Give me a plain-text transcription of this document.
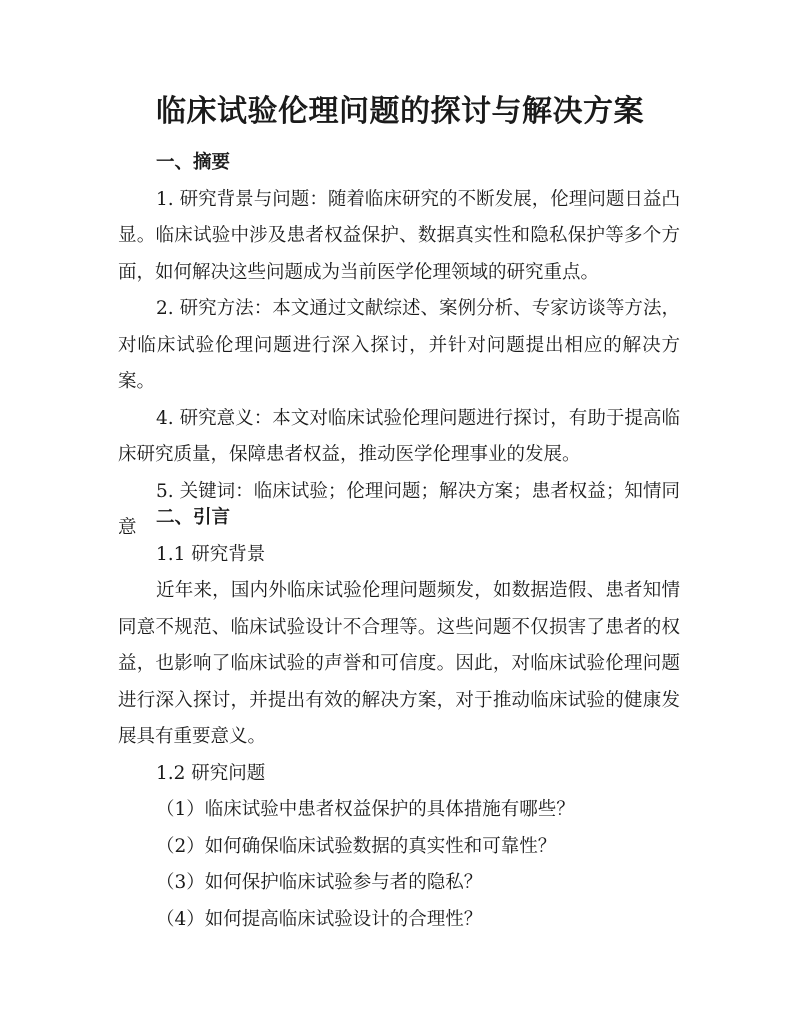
临床试验伦理问题的探讨与解决方案
一、摘要
1. 研究背景与问题：随着临床研究的不断发展，伦理问题日益凸显。临床试验中涉及患者权益保护、数据真实性和隐私保护等多个方面，如何解决这些问题成为当前医学伦理领域的研究重点。
2. 研究方法：本文通过文献综述、案例分析、专家访谈等方法，对临床试验伦理问题进行深入探讨，并针对问题提出相应的解决方案。
4. 研究意义：本文对临床试验伦理问题进行探讨，有助于提高临床研究质量，保障患者权益，推动医学伦理事业的发展。
5. 关键词：临床试验；伦理问题；解决方案；患者权益；知情同意	二、引言
1.1 研究背景
近年来，国内外临床试验伦理问题频发，如数据造假、患者知情同意不规范、临床试验设计不合理等。这些问题不仅损害了患者的权益，也影响了临床试验的声誉和可信度。因此，对临床试验伦理问题进行深入探讨，并提出有效的解决方案，对于推动临床试验的健康发展具有重要意义。
1.2 研究问题
（1）临床试验中患者权益保护的具体措施有哪些？
（2）如何确保临床试验数据的真实性和可靠性？
（3）如何保护临床试验参与者的隐私？
（4）如何提高临床试验设计的合理性？
